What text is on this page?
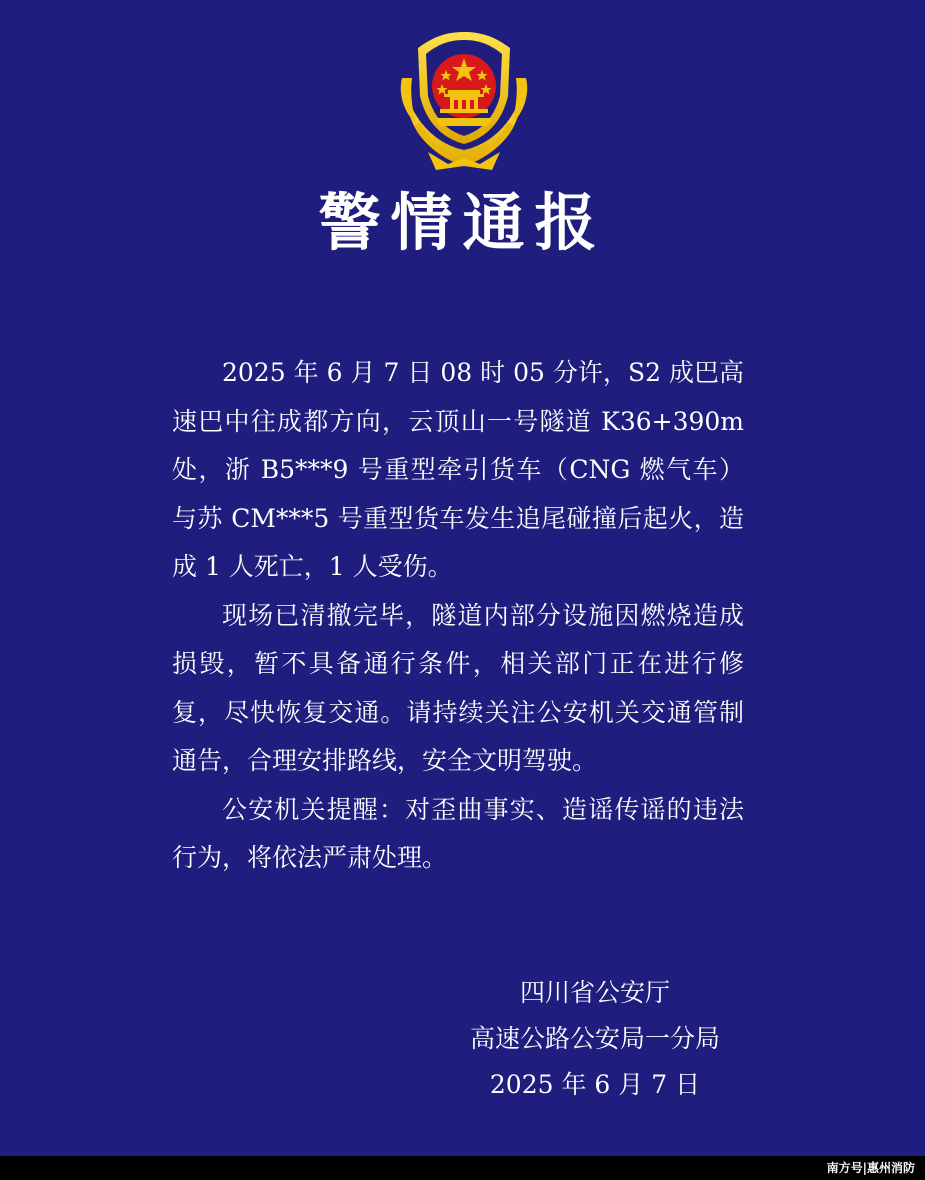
警情通报

2025 年 6 月 7 日 08 时 05 分许，S2 成巴高速巴中往成都方向，云顶山一号隧道 K36+390m 处，浙 B5***9 号重型牵引货车（CNG 燃气车）与苏 CM***5 号重型货车发生追尾碰撞后起火，造成 1 人死亡，1 人受伤。

现场已清撤完毕，隧道内部分设施因燃烧造成损毁，暂不具备通行条件，相关部门正在进行修复，尽快恢复交通。请持续关注公安机关交通管制通告，合理安排路线，安全文明驾驶。

公安机关提醒：对歪曲事实、造谣传谣的违法行为，将依法严肃处理。

四川省公安厅
高速公路公安局一分局
2025 年 6 月 7 日
南方号|惠州消防
